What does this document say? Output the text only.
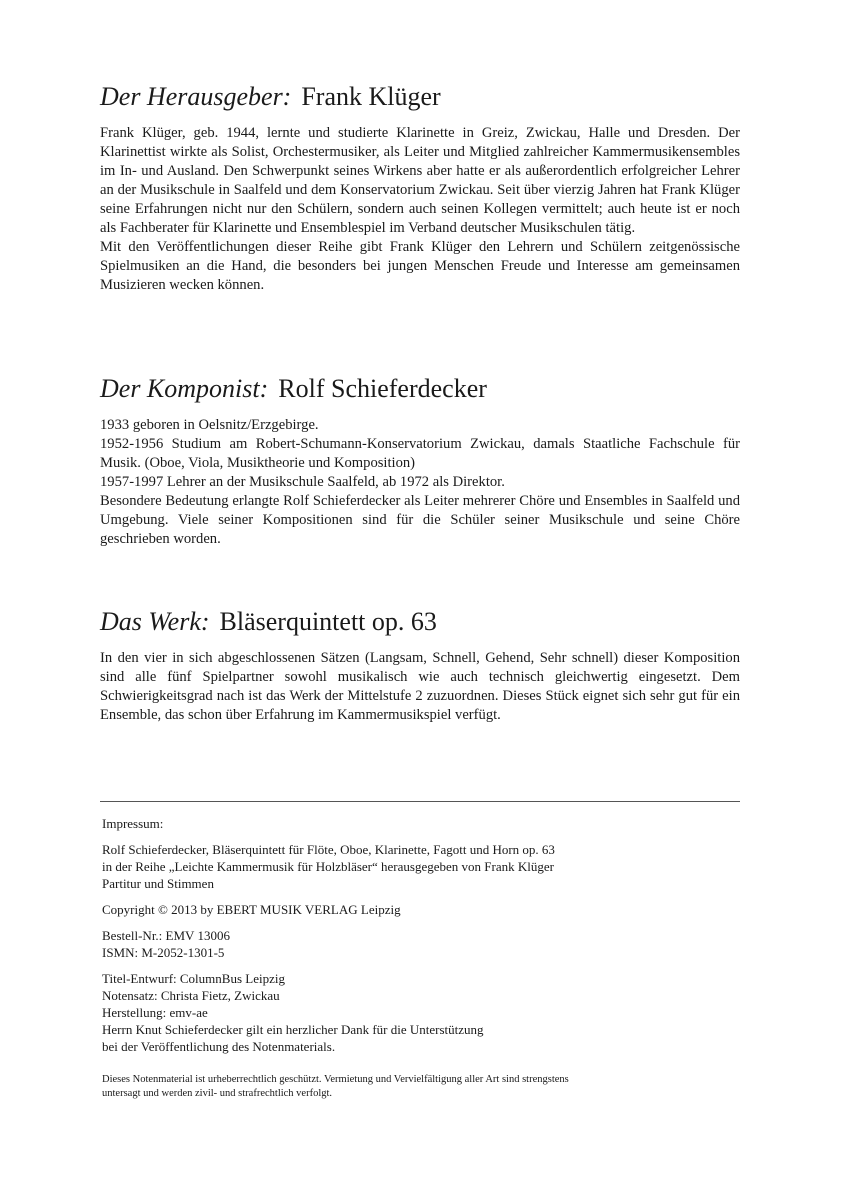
Der Herausgeber: Frank Klüger

Frank Klüger, geb. 1944, lernte und studierte Klarinette in Greiz, Zwickau, Halle und Dresden. Der Klarinettist wirkte als Solist, Orchestermusiker, als Leiter und Mitglied zahlreicher Kammermusikensembles im In- und Ausland. Den Schwerpunkt seines Wirkens aber hatte er als außerordentlich erfolgreicher Lehrer an der Musikschule in Saalfeld und dem Konservatorium Zwickau. Seit über vierzig Jahren hat Frank Klüger seine Erfahrungen nicht nur den Schülern, sondern auch seinen Kollegen vermittelt; auch heute ist er noch als Fachberater für Klarinette und Ensemblespiel im Verband deutscher Musikschulen tätig.

Mit den Veröffentlichungen dieser Reihe gibt Frank Klüger den Lehrern und Schülern zeitgenössische Spielmusiken an die Hand, die besonders bei jungen Menschen Freude und Interesse am gemeinsamen Musizieren wecken können.

Der Komponist: Rolf Schieferdecker

1933 geboren in Oelsnitz/Erzgebirge.

1952-1956 Studium am Robert-Schumann-Konservatorium Zwickau, damals Staatliche Fachschule für Musik. (Oboe, Viola, Musiktheorie und Komposition)

1957-1997 Lehrer an der Musikschule Saalfeld, ab 1972 als Direktor.

Besondere Bedeutung erlangte Rolf Schieferdecker als Leiter mehrerer Chöre und Ensembles in Saalfeld und Umgebung. Viele seiner Kompositionen sind für die Schüler seiner Musikschule und seine Chöre geschrieben worden.

Das Werk: Bläserquintett op. 63

In den vier in sich abgeschlossenen Sätzen (Langsam, Schnell, Gehend, Sehr schnell) dieser Komposition sind alle fünf Spielpartner sowohl musikalisch wie auch technisch gleichwertig eingesetzt. Dem Schwierigkeitsgrad nach ist das Werk der Mittelstufe 2 zuzuordnen. Dieses Stück eignet sich sehr gut für ein Ensemble, das schon über Erfahrung im Kammermusikspiel verfügt.

Impressum:

Rolf Schieferdecker, Bläserquintett für Flöte, Oboe, Klarinette, Fagott und Horn op. 63
in der Reihe „Leichte Kammermusik für Holzbläser“ herausgegeben von Frank Klüger
Partitur und Stimmen

Copyright © 2013 by EBERT MUSIK VERLAG Leipzig

Bestell-Nr.: EMV 13006
ISMN: M-2052-1301-5

Titel-Entwurf: ColumnBus Leipzig
Notensatz: Christa Fietz, Zwickau
Herstellung: emv-ae
Herrn Knut Schieferdecker gilt ein herzlicher Dank für die Unterstützung
bei der Veröffentlichung des Notenmaterials.

Dieses Notenmaterial ist urheberrechtlich geschützt. Vermietung und Vervielfältigung aller Art sind strengstens
untersagt und werden zivil- und strafrechtlich verfolgt.
